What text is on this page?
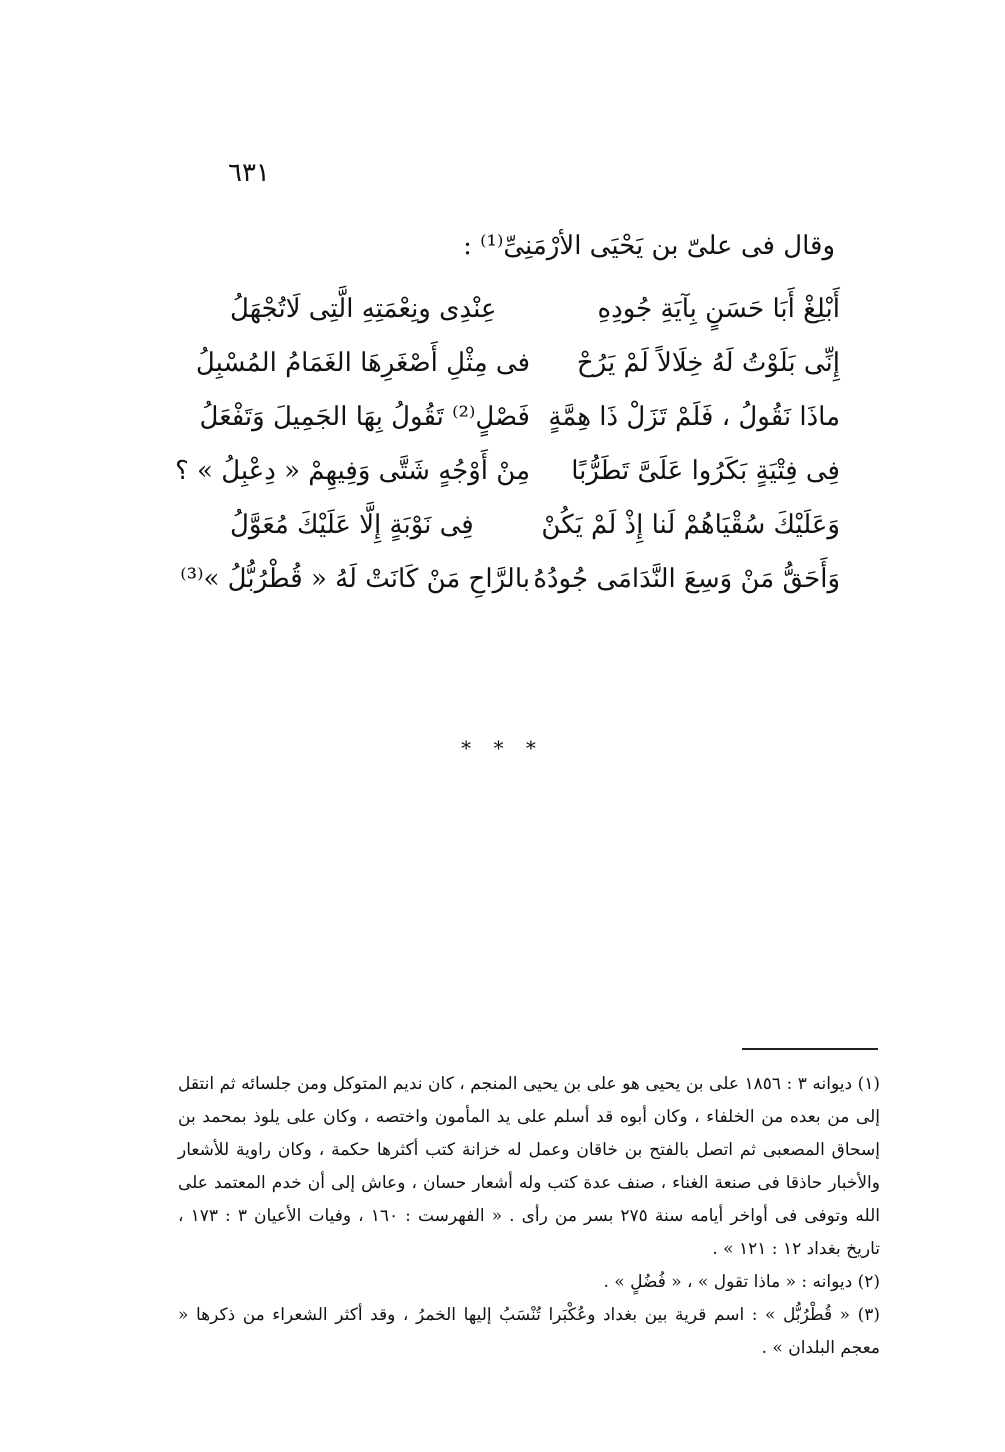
٦٣١
وقال فى علىّ بن يَحْيَى الأرْمَنِىِّ⁽¹⁾ :
أَبْلِغْ أَبَا حَسَنٍ بِآيَةِ جُودِهِ
عِنْدِى ونِعْمَتِهِ الَّتِى لَاتُجْهَلُ
إِنِّى بَلَوْتُ لَهُ خِلَالاً لَمْ يَرُحْ
فى مِثْلِ أَصْغَرِهَا الغَمَامُ المُسْبِلُ
ماذَا نَقُولُ ، فَلَمْ تَزَلْ ذَا هِمَّةٍ
فَصْلٍ⁽²⁾ تَقُولُ بِهَا الجَمِيلَ وَتَفْعَلُ
فِى فِتْيَةٍ بَكَرُوا عَلَىَّ تَطَرُّبًا
مِنْ أَوْجُهٍ شَتَّى وَفِيهِمْ « دِعْبِلُ » ؟
وَعَلَيْكَ سُقْيَاهُمْ لَنا إِذْ لَمْ يَكُنْ
فِى نَوْبَةٍ إِلَّا عَلَيْكَ مُعَوَّلُ
وَأَحَقُّ مَنْ وَسِعَ النَّدَامَى جُودُهُ
بالرَّاحِ مَنْ كَانَتْ لَهُ « قُطْرُبُّلُ »⁽³⁾
* * *

(١) ديوانه ٣ : ١٨٥٦ على بن يحيى هو على بن يحيى المنجم ، كان نديم المتوكل ومن جلسائه ثم انتقل إلى من بعده من الخلفاء ، وكان أبوه قد أسلم على يد المأمون واختصه ، وكان على يلوذ بمحمد بن إسحاق المصعبى ثم اتصل بالفتح بن خاقان وعمل له خزانة كتب أكثرها حكمة ، وكان راوية للأشعار والأخبار حاذقا فى صنعة الغناء ، صنف عدة كتب وله أشعار حسان ، وعاش إلى أن خدم المعتمد على الله وتوفى فى أواخر أيامه سنة ٢٧٥ بسر من رأى . « الفهرست : ١٦٠ ، وفيات الأعيان ٣ : ١٧٣ ، تاريخ بغداد ١٢ : ١٢١ » .

(٢) ديوانه : « ماذا تقول » ، « فُضُلٍ » .

(٣) « قُطْرُبُّل » : اسم قرية بين بغداد وعُكْبَرا تُنْسَبُ إليها الخمرُ ، وقد أكثر الشعراء من ذكرها « معجم البلدان » .
